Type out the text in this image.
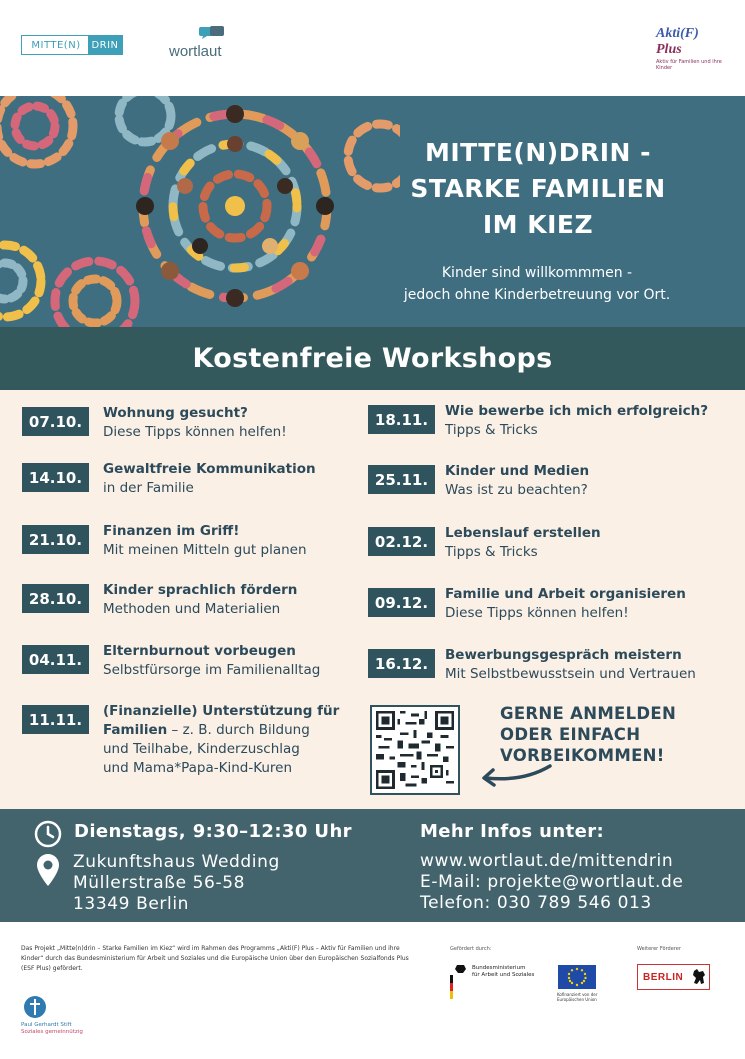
MITTE(N)	DRIN	wortlaut
Akti(F) Plus
Aktiv für Familien und ihre Kinder
MITTE(N)DRIN -
STARKE FAMILIEN
IM KIEZ
Kinder sind willkommmen -
jedoch ohne Kinderbetreuung vor Ort.
Kostenfreie Workshops
07.10.	Wohnung gesucht?
Diese Tipps können helfen!
14.10.	Gewaltfreie Kommunikation
in der Familie
21.10.	Finanzen im Griff!
Mit meinen Mitteln gut planen
28.10.	Kinder sprachlich fördern
Methoden und Materialien
04.11.	Elternburnout vorbeugen
Selbstfürsorge im Familienalltag
11.11.	(Finanzielle) Unterstützung für
Familien – z. B. durch Bildung
und Teilhabe, Kinderzuschlag
und Mama*Papa-Kind-Kuren
18.11.	Wie bewerbe ich mich erfolgreich?
Tipps & Tricks
25.11.	Kinder und Medien
Was ist zu beachten?
02.12.	Lebenslauf erstellen
Tipps & Tricks
09.12.	Familie und Arbeit organisieren
Diese Tipps können helfen!
16.12.	Bewerbungsgespräch meistern
Mit Selbstbewusstsein und Vertrauen
GERNE ANMELDEN
ODER EINFACH
VORBEIKOMMEN!
Dienstags, 9:30–12:30 Uhr
Zukunftshaus Wedding
Müllerstraße 56-58
13349 Berlin
Mehr Infos unter:
www.wortlaut.de/mittendrin
E-Mail: projekte@wortlaut.de
Telefon: 030 789 546 013
Das Projekt „Mitte(n)drin – Starke Familien im Kiez“ wird im Rahmen des Programms „Akti(F) Plus – Aktiv für Familien und ihre Kinder“ durch das Bundesministerium für Arbeit und Soziales und die Europäische Union über den Europäischen Sozialfonds Plus (ESF Plus) gefördert.
Gefördert durch:
Bundesministerium
für Arbeit und Soziales
Kofinanziert von der
Europäischen Union
Weiterer Förderer
BERLIN
Paul Gerhardt Stift
Soziales gemeinnützig
